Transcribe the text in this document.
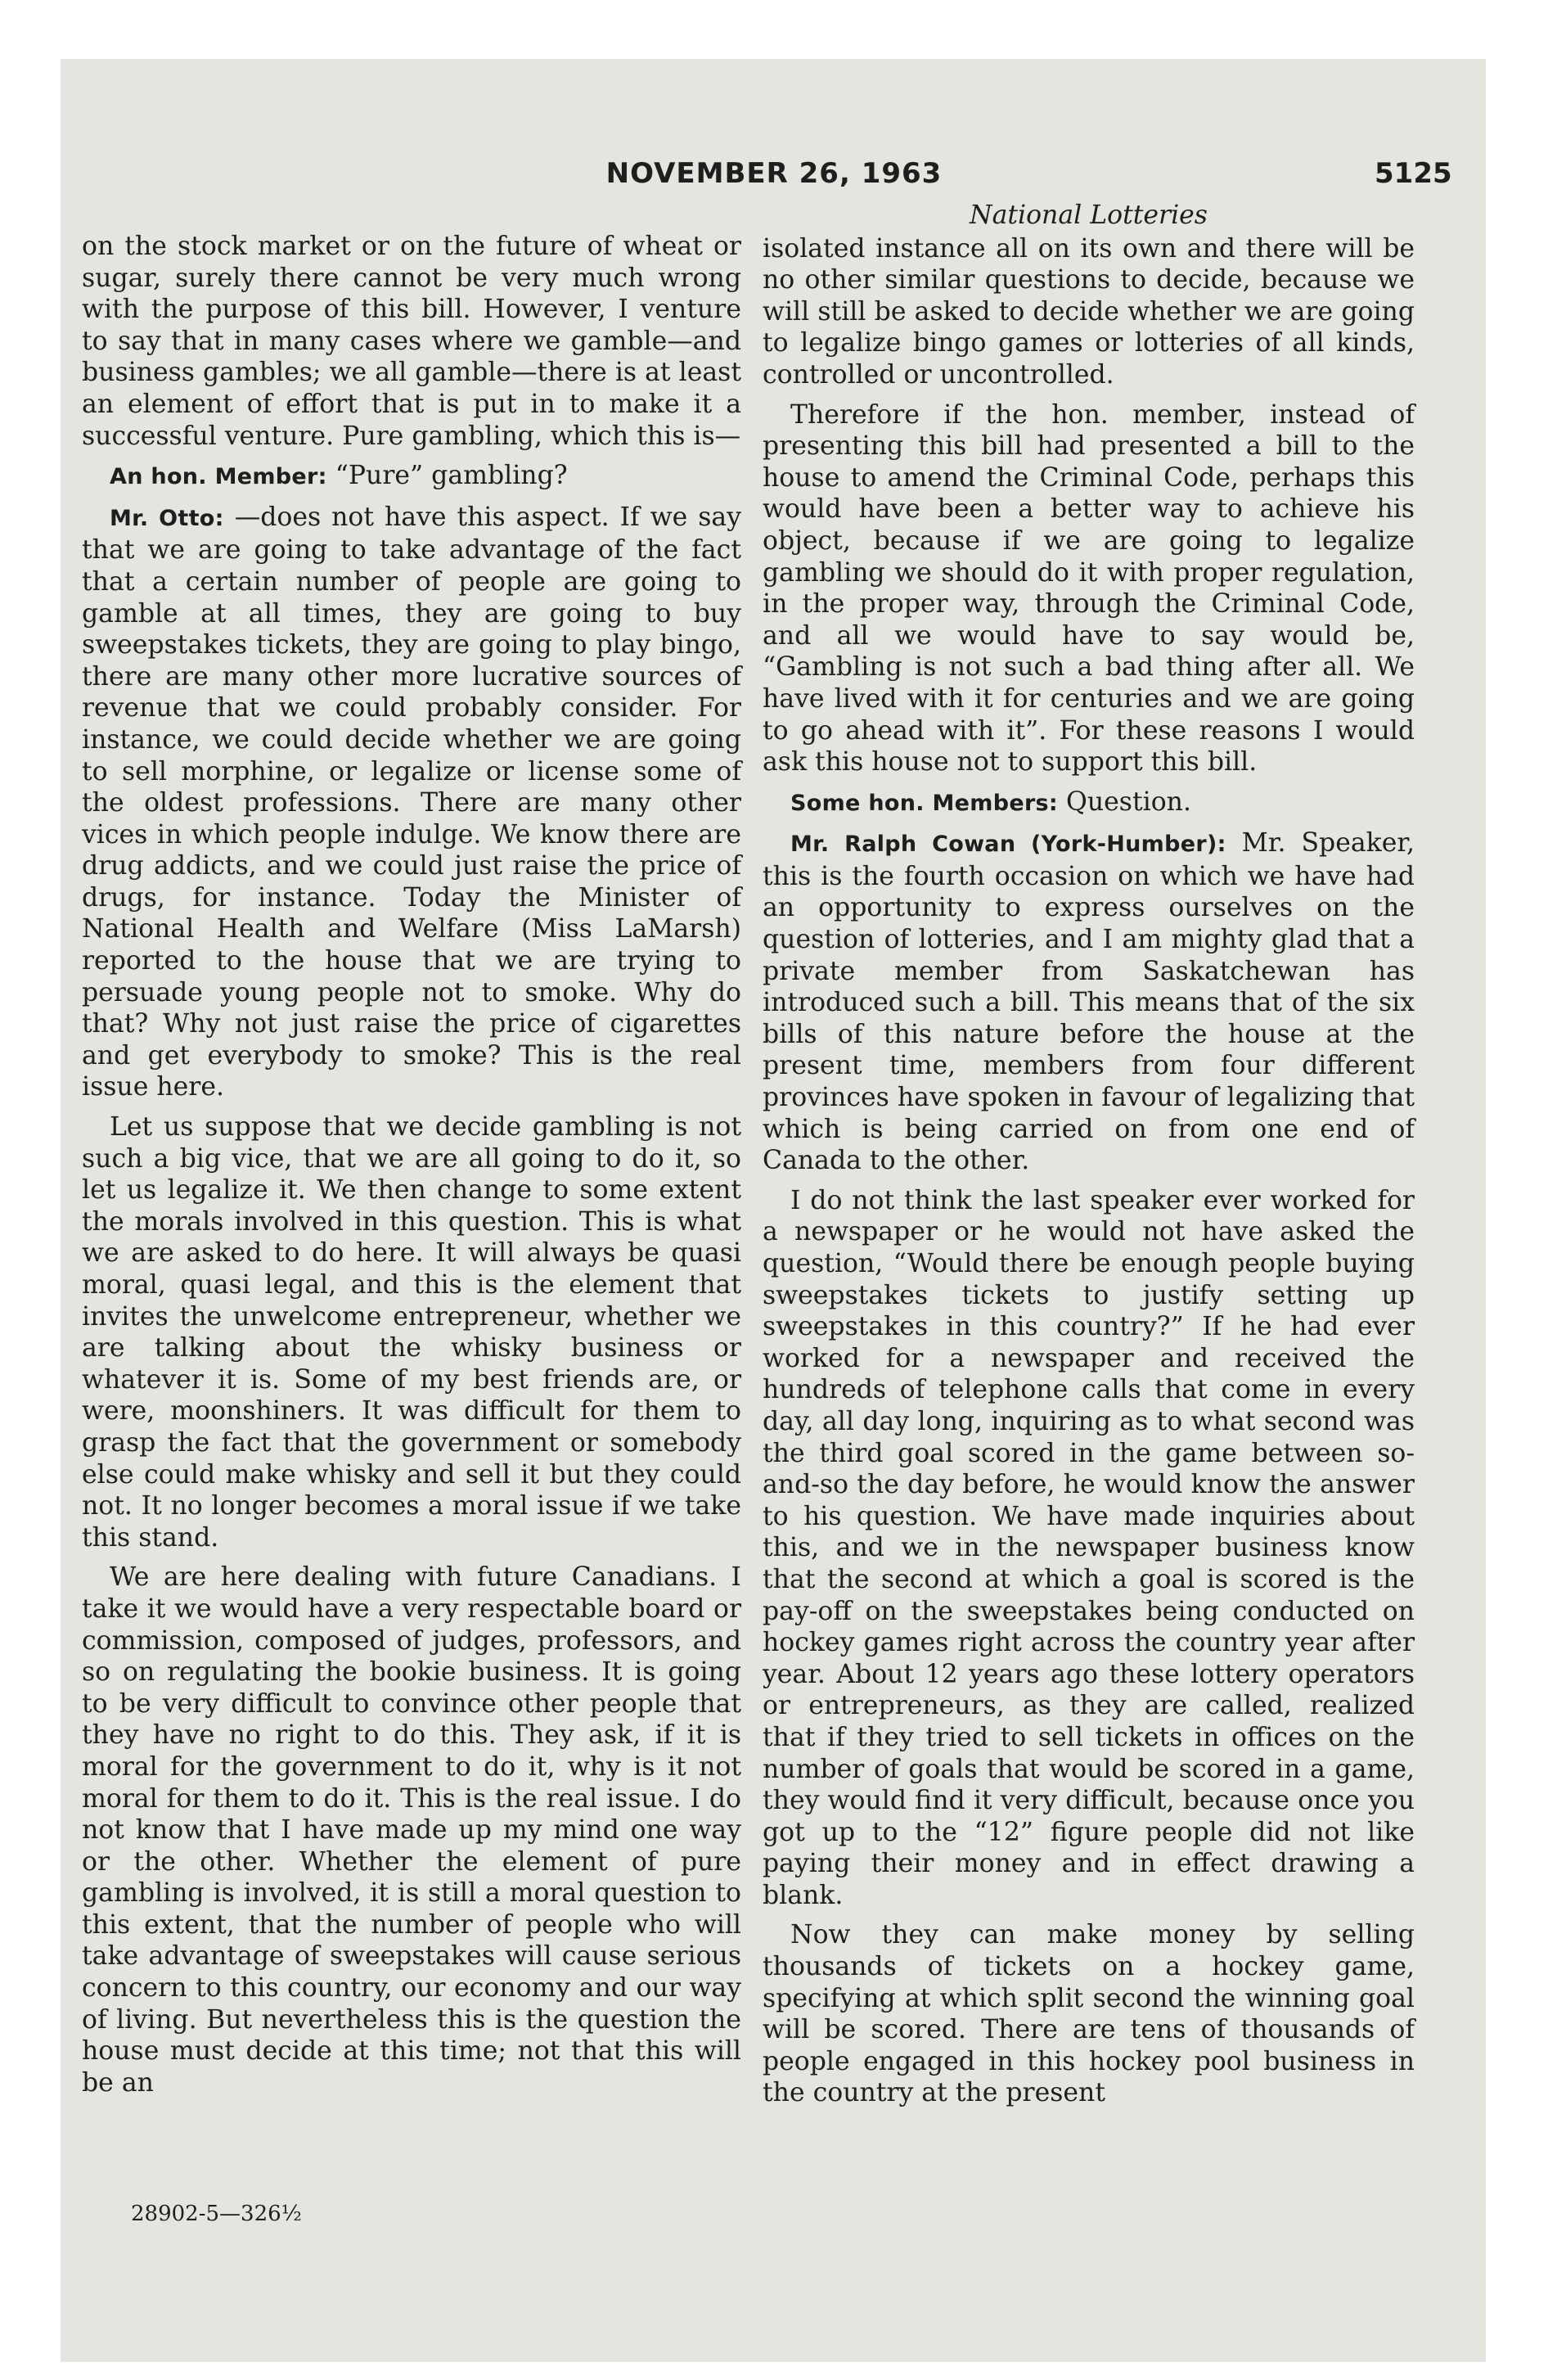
NOVEMBER 26, 1963	5125

on the stock market or on the future of wheat or sugar, surely there cannot be very much wrong with the purpose of this bill. However, I venture to say that in many cases where we gamble—and business gambles; we all gamble—there is at least an element of effort that is put in to make it a successful venture. Pure gambling, which this is—

An hon. Member: “Pure” gambling?

Mr. Otto: —does not have this aspect. If we say that we are going to take advantage of the fact that a certain number of people are going to gamble at all times, they are going to buy sweepstakes tickets, they are going to play bingo, there are many other more lucrative sources of revenue that we could probably consider. For instance, we could decide whether we are going to sell morphine, or legalize or license some of the oldest professions. There are many other vices in which people indulge. We know there are drug addicts, and we could just raise the price of drugs, for instance. Today the Minister of National Health and Welfare (Miss LaMarsh) reported to the house that we are trying to persuade young people not to smoke. Why do that? Why not just raise the price of cigarettes and get everybody to smoke? This is the real issue here.

Let us suppose that we decide gambling is not such a big vice, that we are all going to do it, so let us legalize it. We then change to some extent the morals involved in this question. This is what we are asked to do here. It will always be quasi moral, quasi legal, and this is the element that invites the unwelcome entrepreneur, whether we are talking about the whisky business or whatever it is. Some of my best friends are, or were, moonshiners. It was difficult for them to grasp the fact that the government or somebody else could make whisky and sell it but they could not. It no longer becomes a moral issue if we take this stand.

We are here dealing with future Canadians. I take it we would have a very respectable board or commission, composed of judges, professors, and so on regulating the bookie business. It is going to be very difficult to convince other people that they have no right to do this. They ask, if it is moral for the government to do it, why is it not moral for them to do it. This is the real issue. I do not know that I have made up my mind one way or the other. Whether the element of pure gambling is involved, it is still a moral question to this extent, that the number of people who will take advantage of sweepstakes will cause serious concern to this country, our economy and our way of living. But nevertheless this is the question the house must decide at this time; not that this will be an

National Lotteries

isolated instance all on its own and there will be no other similar questions to decide, because we will still be asked to decide whether we are going to legalize bingo games or lotteries of all kinds, controlled or uncontrolled.

Therefore if the hon. member, instead of presenting this bill had presented a bill to the house to amend the Criminal Code, perhaps this would have been a better way to achieve his object, because if we are going to legalize gambling we should do it with proper regulation, in the proper way, through the Criminal Code, and all we would have to say would be, “Gambling is not such a bad thing after all. We have lived with it for centuries and we are going to go ahead with it”. For these reasons I would ask this house not to support this bill.

Some hon. Members: Question.

Mr. Ralph Cowan (York-Humber): Mr. Speaker, this is the fourth occasion on which we have had an opportunity to express ourselves on the question of lotteries, and I am mighty glad that a private member from Saskatchewan has introduced such a bill. This means that of the six bills of this nature before the house at the present time, members from four different provinces have spoken in favour of legalizing that which is being carried on from one end of Canada to the other.

I do not think the last speaker ever worked for a newspaper or he would not have asked the question, “Would there be enough people buying sweepstakes tickets to justify setting up sweepstakes in this country?” If he had ever worked for a newspaper and received the hundreds of telephone calls that come in every day, all day long, inquiring as to what second was the third goal scored in the game between so-and-so the day before, he would know the answer to his question. We have made inquiries about this, and we in the newspaper business know that the second at which a goal is scored is the pay-off on the sweepstakes being conducted on hockey games right across the country year after year. About 12 years ago these lottery operators or entrepreneurs, as they are called, realized that if they tried to sell tickets in offices on the number of goals that would be scored in a game, they would find it very difficult, because once you got up to the “12” figure people did not like paying their money and in effect drawing a blank.

Now they can make money by selling thousands of tickets on a hockey game, specifying at which split second the winning goal will be scored. There are tens of thousands of people engaged in this hockey pool business in the country at the present

28902-5—326½
